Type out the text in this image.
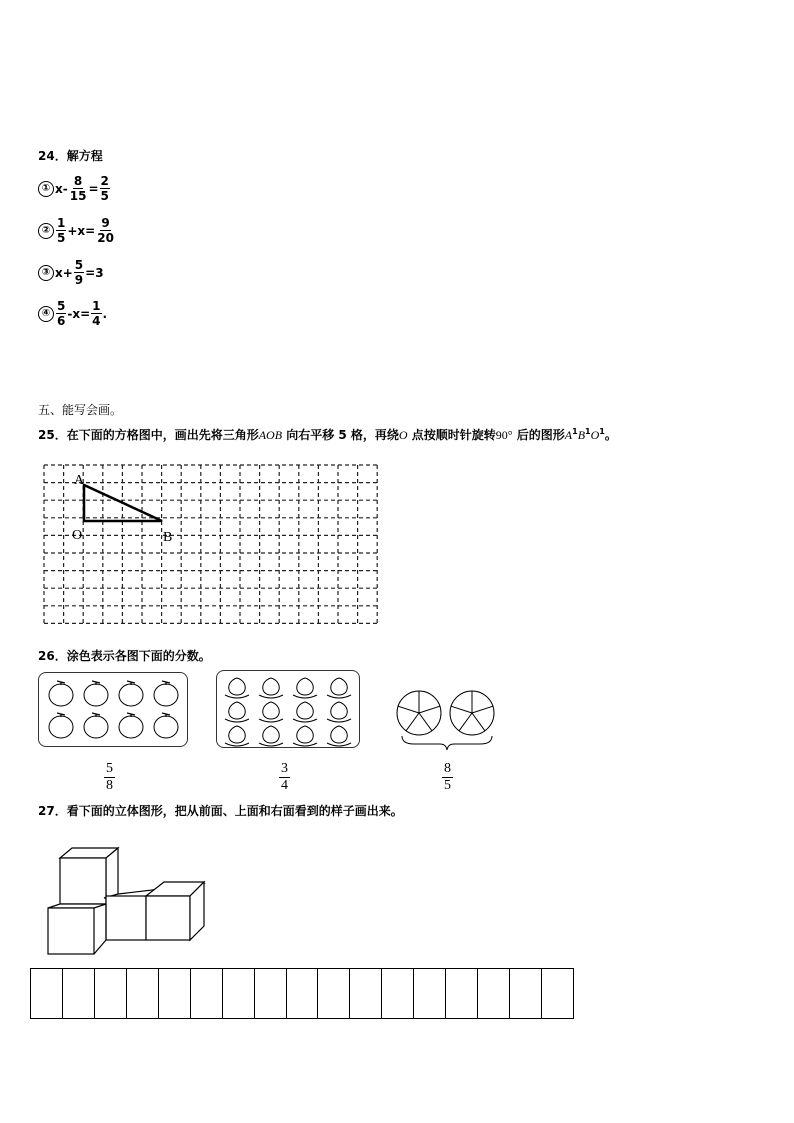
24．解方程
① $x- \frac{8}{15} = \frac{2}{5}$
② $\frac{1}{5} +x= \frac{9}{20}$
③ $x+ \frac{5}{9} =3$
④ $\frac{5}{6} -x= \frac{1}{4}$ .
五、能写会画。
25．在下面的方格图中，画出先将三角形AOB 向右平移 5 格，再绕O 点按顺时针旋转90° 后的图形$A^1B^1O^1$。
A
O	B
26．涂色表示各图下面的分数。
5
8
3
4
8
5
27．看下面的立体图形，把从前面、上面和右面看到的样子画出来。
